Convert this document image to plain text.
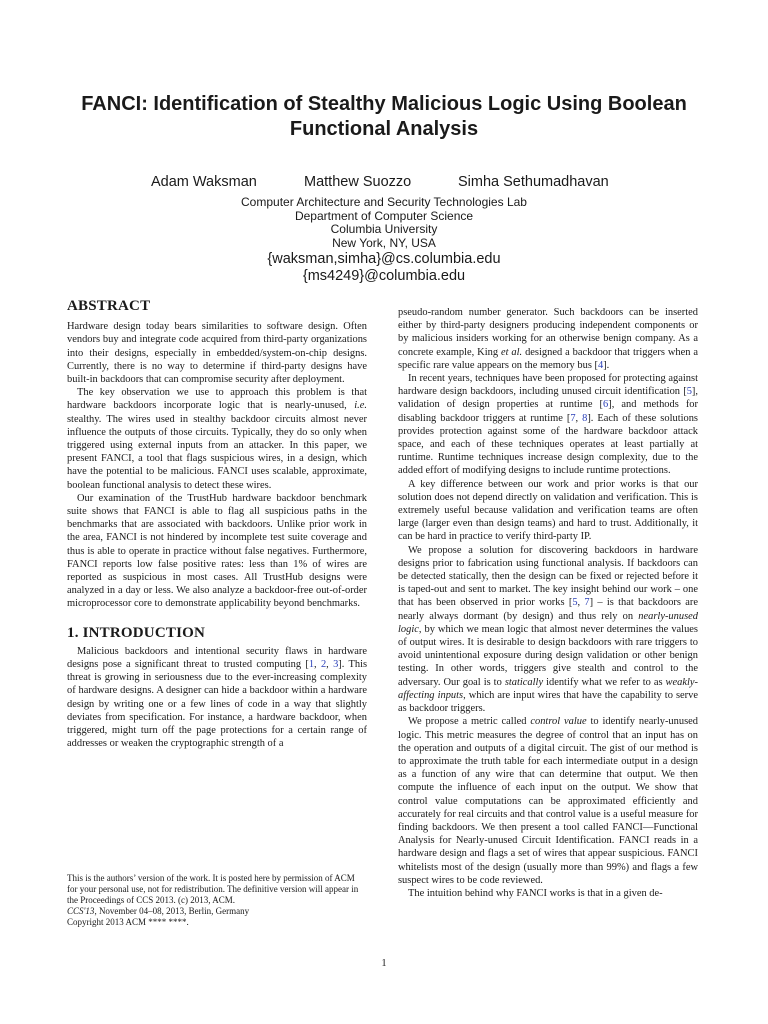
FANCI: Identification of Stealthy Malicious Logic Using Boolean Functional Analysis
Adam Waksman	Matthew Suozzo	Simha Sethumadhavan
Computer Architecture and Security Technologies Lab
Department of Computer Science
Columbia University
New York, NY, USA
{waksman,simha}@cs.columbia.edu
{ms4249}@columbia.edu
ABSTRACT

Hardware design today bears similarities to software design. Often vendors buy and integrate code acquired from third-party organizations into their designs, especially in embedded/system-on-chip designs. Currently, there is no way to determine if third-party designs have built-in backdoors that can compromise security after deployment.

The key observation we use to approach this problem is that hardware backdoors incorporate logic that is nearly-unused, i.e. stealthy. The wires used in stealthy backdoor circuits almost never influence the outputs of those circuits. Typically, they do so only when triggered using external inputs from an attacker. In this paper, we present FANCI, a tool that flags suspicious wires, in a design, which have the potential to be malicious. FANCI uses scalable, approximate, boolean functional analysis to detect these wires.

Our examination of the TrustHub hardware backdoor benchmark suite shows that FANCI is able to flag all suspicious paths in the benchmarks that are associated with backdoors. Unlike prior work in the area, FANCI is not hindered by incomplete test suite coverage and thus is able to operate in practice without false negatives. Furthermore, FANCI reports low false positive rates: less than 1% of wires are reported as suspicious in most cases. All TrustHub designs were analyzed in a day or less. We also analyze a backdoor-free out-of-order microprocessor core to demonstrate applicability beyond benchmarks.

1. INTRODUCTION

Malicious backdoors and intentional security flaws in hardware designs pose a significant threat to trusted computing [1, 2, 3]. This threat is growing in seriousness due to the ever-increasing complexity of hardware designs. A designer can hide a backdoor within a hardware design by writing one or a few lines of code in a way that slightly deviates from specification. For instance, a hardware backdoor, when triggered, might turn off the page protections for a certain range of addresses or weaken the cryptographic strength of a

This is the authors’ version of the work. It is posted here by permission of ACM for your personal use, not for redistribution. The definitive version will appear in the Proceedings of CCS 2013. (c) 2013, ACM.
CCS'13, November 04–08, 2013, Berlin, Germany
Copyright 2013 ACM **** ****.

pseudo-random number generator. Such backdoors can be inserted either by third-party designers producing independent components or by malicious insiders working for an otherwise benign company. As a concrete example, King et al. designed a backdoor that triggers when a specific rare value appears on the memory bus [4].

In recent years, techniques have been proposed for protecting against hardware design backdoors, including unused circuit identification [5], validation of design properties at runtime [6], and methods for disabling backdoor triggers at runtime [7, 8]. Each of these solutions provides protection against some of the hardware backdoor attack space, and each of these techniques operates at least partially at runtime. Runtime techniques increase design complexity, due to the added effort of modifying designs to include runtime protections.

A key difference between our work and prior works is that our solution does not depend directly on validation and verification. This is extremely useful because validation and verification teams are often large (larger even than design teams) and hard to trust. Additionally, it can be hard in practice to verify third-party IP.

We propose a solution for discovering backdoors in hardware designs prior to fabrication using functional analysis. If backdoors can be detected statically, then the design can be fixed or rejected before it is taped-out and sent to market. The key insight behind our work – one that has been observed in prior works [5, 7] – is that backdoors are nearly always dormant (by design) and thus rely on nearly-unused logic, by which we mean logic that almost never determines the values of output wires. It is desirable to design backdoors with rare triggers to avoid unintentional exposure during design validation or other benign testing. In other words, triggers give stealth and control to the adversary. Our goal is to statically identify what we refer to as weakly-affecting inputs, which are input wires that have the capability to serve as backdoor triggers.

We propose a metric called control value to identify nearly-unused logic. This metric measures the degree of control that an input has on the operation and outputs of a digital circuit. The gist of our method is to approximate the truth table for each intermediate output in a design as a function of any wire that can determine that output. We then compute the influence of each input on the output. We show that control value computations can be approximated efficiently and accurately for real circuits and that control value is a useful measure for finding backdoors. We then present a tool called FANCI—Functional Analysis for Nearly-unused Circuit Identification. FANCI reads in a hardware design and flags a set of wires that appear suspicious. FANCI whitelists most of the design (usually more than 99%) and flags a few suspect wires to be code reviewed.

The intuition behind why FANCI works is that in a given de-

1
